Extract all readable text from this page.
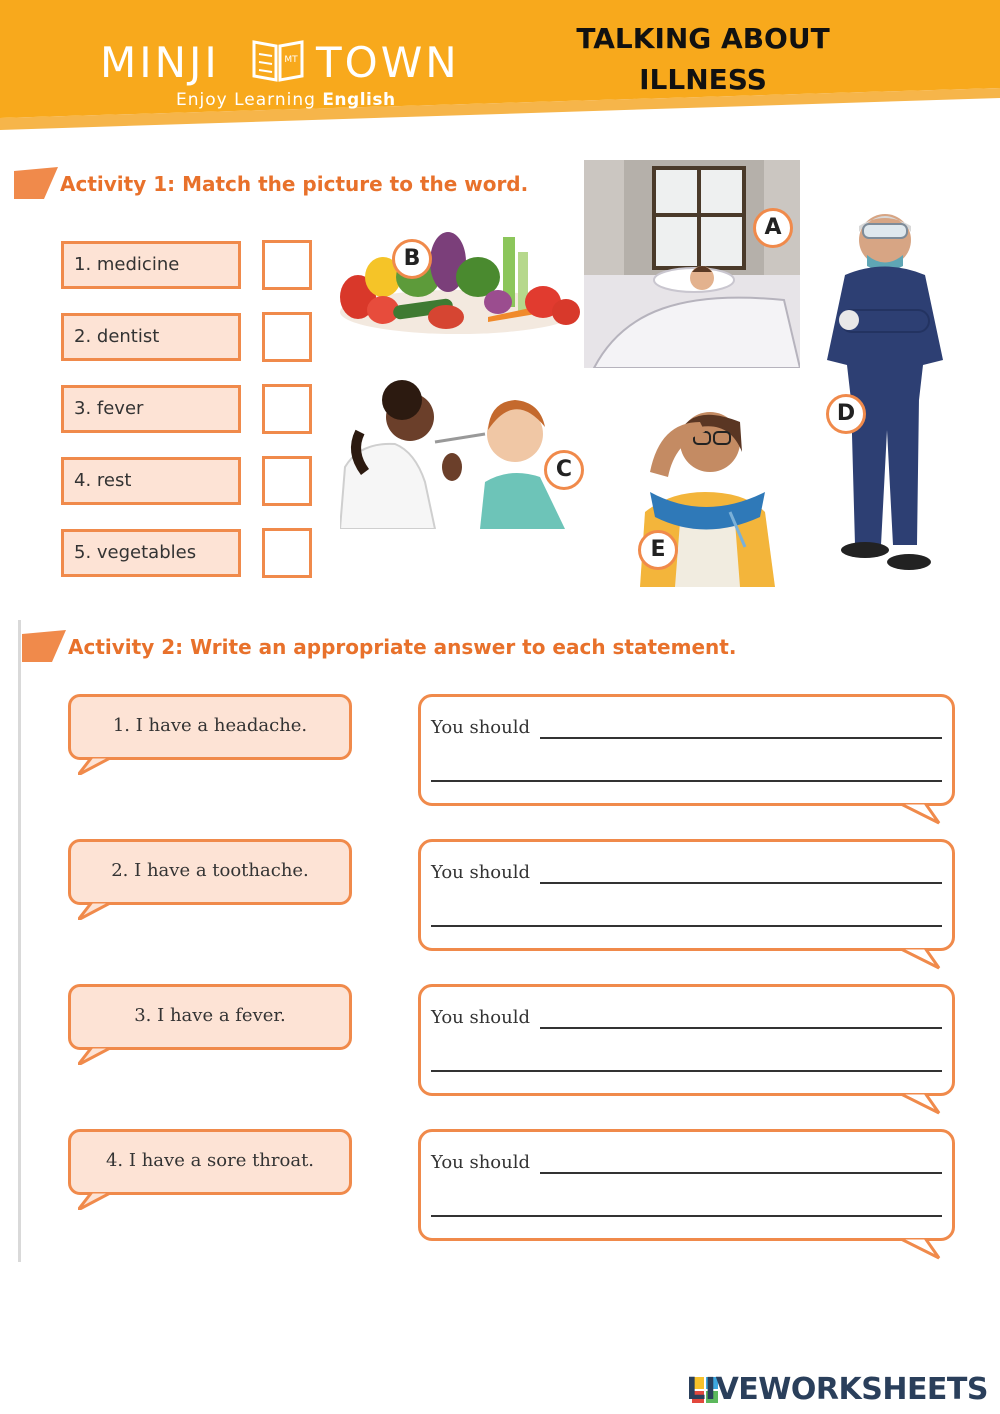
MINJI	MT TOWN
Enjoy Learning English
TALKING ABOUT
ILLNESS
Activity 1: Match the picture to the word.
1. medicine
2. dentist
3. fever
4. rest
5. vegetables
B
A
D
C
E
Activity 2: Write an appropriate answer to each statement.
1. I have a headache.	You should
2. I have a toothache.	You should
3. I have a fever.	You should
4. I have a sore throat.	You should
LIVEWORKSHEETS
